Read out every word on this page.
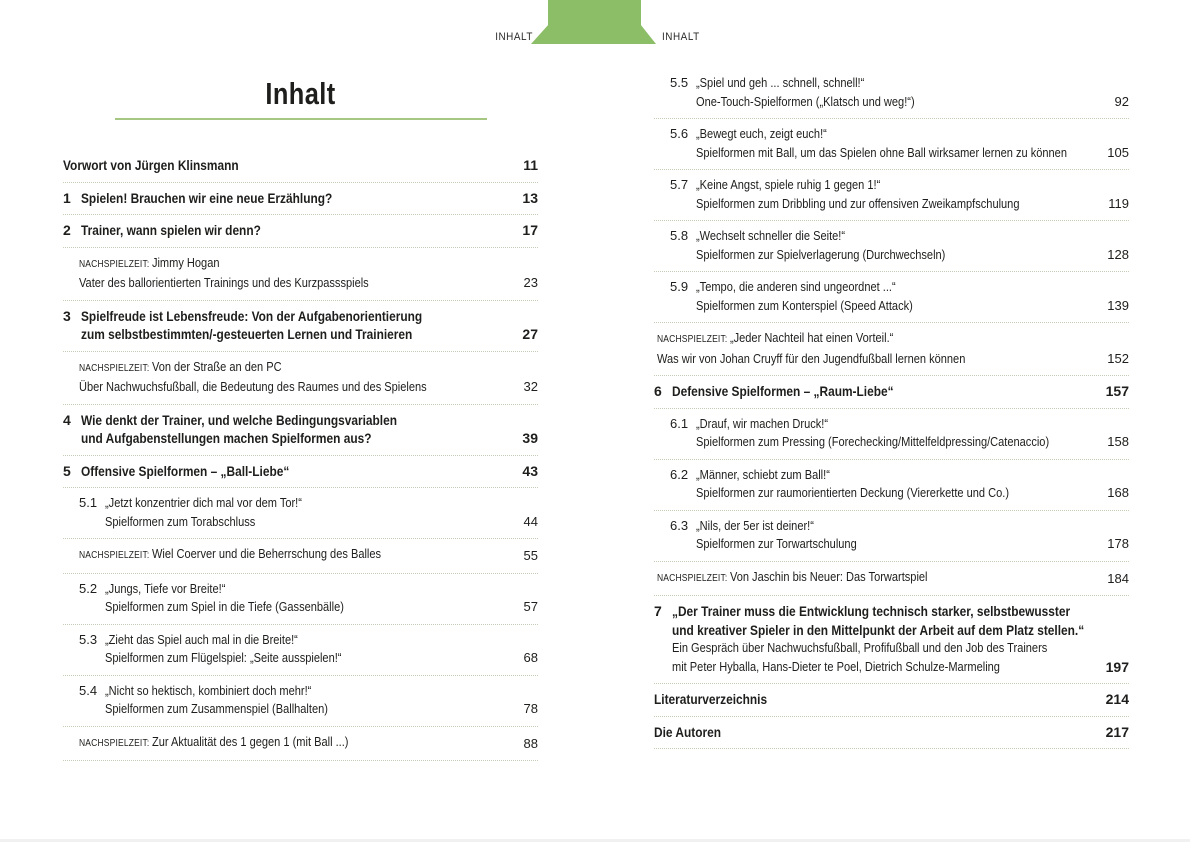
INHALT	INHALT
Inhalt
Vorwort von Jürgen Klinsmann	11
1 Spielen! Brauchen wir eine neue Erzählung?	13
2 Trainer, wann spielen wir denn?	17
NACHSPIELZEIT: Jimmy Hogan
Vater des ballorientierten Trainings und des Kurzpassspiels	23
3 Spielfreude ist Lebensfreude: Von der Aufgabenorientierung
zum selbstbestimmten/-gesteuerten Lernen und Trainieren	27
NACHSPIELZEIT: Von der Straße an den PC
Über Nachwuchsfußball, die Bedeutung des Raumes und des Spielens	32
4 Wie denkt der Trainer, und welche Bedingungsvariablen
und Aufgabenstellungen machen Spielformen aus?	39
5 Offensive Spielformen – „Ball-Liebe“	43
5.1 „Jetzt konzentrier dich mal vor dem Tor!“
Spielformen zum Torabschluss	44
NACHSPIELZEIT: Wiel Coerver und die Beherrschung des Balles	55
5.2 „Jungs, Tiefe vor Breite!“
Spielformen zum Spiel in die Tiefe (Gassenbälle)	57
5.3 „Zieht das Spiel auch mal in die Breite!“
Spielformen zum Flügelspiel: „Seite ausspielen!“	68
5.4 „Nicht so hektisch, kombiniert doch mehr!“
Spielformen zum Zusammenspiel (Ballhalten)	78
NACHSPIELZEIT: Zur Aktualität des 1 gegen 1 (mit Ball ...)	88
5.5 „Spiel und geh ... schnell, schnell!“
One-Touch-Spielformen („Klatsch und weg!“)	92
5.6 „Bewegt euch, zeigt euch!“
Spielformen mit Ball, um das Spielen ohne Ball wirksamer lernen zu können	105
5.7 „Keine Angst, spiele ruhig 1 gegen 1!“
Spielformen zum Dribbling und zur offensiven Zweikampfschulung	119
5.8 „Wechselt schneller die Seite!“
Spielformen zur Spielverlagerung (Durchwechseln)	128
5.9 „Tempo, die anderen sind ungeordnet ...“
Spielformen zum Konterspiel (Speed Attack)	139
NACHSPIELZEIT: „Jeder Nachteil hat einen Vorteil.“
Was wir von Johan Cruyff für den Jugendfußball lernen können	152
6 Defensive Spielformen – „Raum-Liebe“	157
6.1 „Drauf, wir machen Druck!“
Spielformen zum Pressing (Forechecking/Mittelfeldpressing/Catenaccio)	158
6.2 „Männer, schiebt zum Ball!“
Spielformen zur raumorientierten Deckung (Viererkette und Co.)	168
6.3 „Nils, der 5er ist deiner!“
Spielformen zur Torwartschulung	178
NACHSPIELZEIT: Von Jaschin bis Neuer: Das Torwartspiel	184
7 „Der Trainer muss die Entwicklung technisch starker, selbstbewusster
und kreativer Spieler in den Mittelpunkt der Arbeit auf dem Platz stellen.“
Ein Gespräch über Nachwuchsfußball, Profifußball und den Job des Trainers
mit Peter Hyballa, Hans-Dieter te Poel, Dietrich Schulze-Marmeling	197
Literaturverzeichnis	214
Die Autoren	217
